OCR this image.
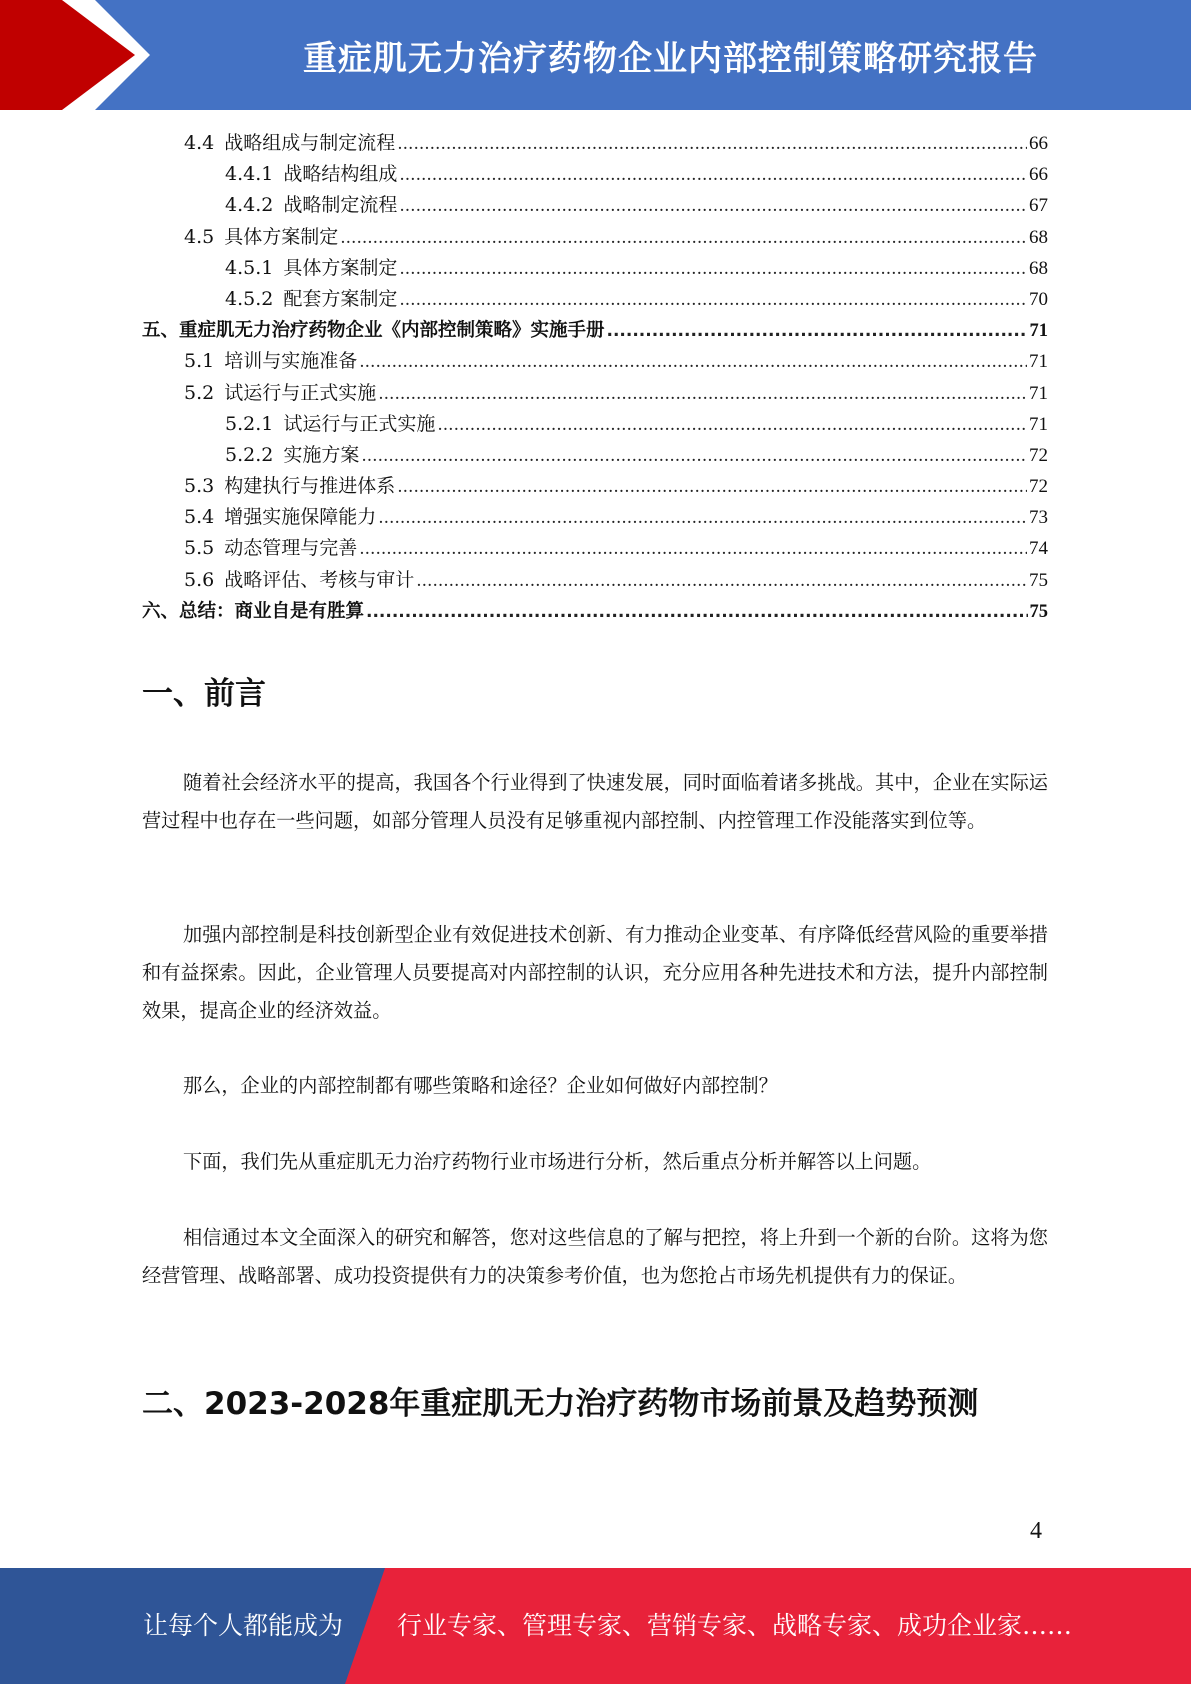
重症肌无力治疗药物企业内部控制策略研究报告
4.4 战略组成与制定流程 .....	66
4.4.1 战略结构组成 .....	66
4.4.2 战略制定流程 .....	67
4.5 具体方案制定 .....	68
4.5.1 具体方案制定 .....	68
4.5.2 配套方案制定 .....	70
五、重症肌无力治疗药物企业《内部控制策略》实施手册 .....	71
5.1 培训与实施准备 .....	71
5.2 试运行与正式实施 .....	71
5.2.1 试运行与正式实施 .....	71
5.2.2 实施方案 .....	72
5.3 构建执行与推进体系 .....	72
5.4 增强实施保障能力 .....	73
5.5 动态管理与完善 .....	74
5.6 战略评估、考核与审计 .....	75
六、总结：商业自是有胜算 .....	75
一、前言

随着社会经济水平的提高，我国各个行业得到了快速发展，同时面临着诸多挑战。其中，企业在实际运营过程中也存在一些问题，如部分管理人员没有足够重视内部控制、内控管理工作没能落实到位等。

加强内部控制是科技创新型企业有效促进技术创新、有力推动企业变革、有序降低经营风险的重要举措和有益探索。因此，企业管理人员要提高对内部控制的认识，充分应用各种先进技术和方法，提升内部控制效果，提高企业的经济效益。

那么，企业的内部控制都有哪些策略和途径？企业如何做好内部控制？

下面，我们先从重症肌无力治疗药物行业市场进行分析，然后重点分析并解答以上问题。

相信通过本文全面深入的研究和解答，您对这些信息的了解与把控，将上升到一个新的台阶。这将为您经营管理、战略部署、成功投资提供有力的决策参考价值，也为您抢占市场先机提供有力的保证。

二、2023-2028年重症肌无力治疗药物市场前景及趋势预测
4
让每个人都能成为 行业专家、管理专家、营销专家、战略专家、成功企业家……
